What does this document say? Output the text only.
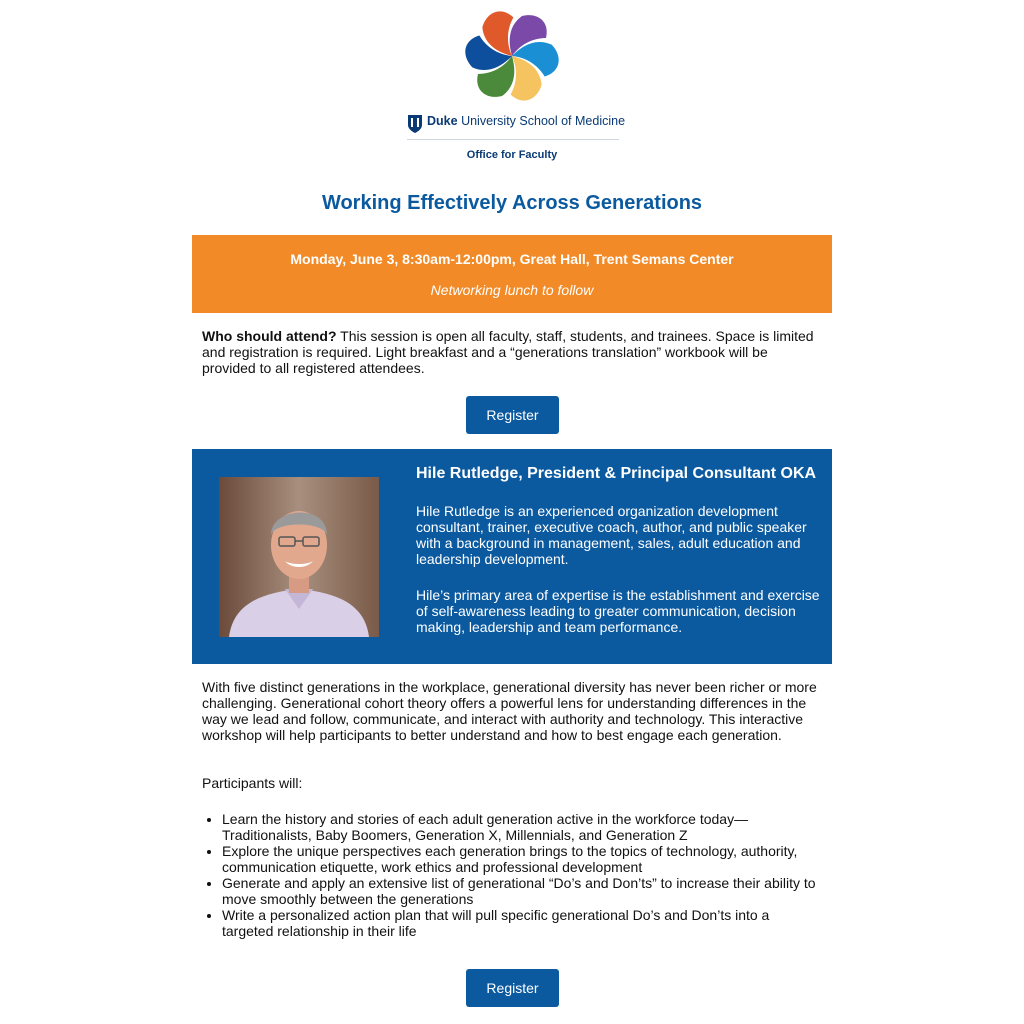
Duke University School of Medicine
Office for Faculty
Working Effectively Across Generations
Monday, June 3, 8:30am-12:00pm, Great Hall, Trent Semans Center
Networking lunch to follow
Who should attend? This session is open all faculty, staff, students, and trainees. Space is limited and registration is required. Light breakfast and a “generations translation” workbook will be provided to all registered attendees.
Register
Hile Rutledge, President & Principal Consultant OKA
Hile Rutledge is an experienced organization development consultant, trainer, executive coach, author, and public speaker with a background in management, sales, adult education and leadership development.
Hile’s primary area of expertise is the establishment and exercise of self-awareness leading to greater communication, decision making, leadership and team performance.
With five distinct generations in the workplace, generational diversity has never been richer or more challenging. Generational cohort theory offers a powerful lens for understanding differences in the way we lead and follow, communicate, and interact with authority and technology. This interactive workshop will help participants to better understand and how to best engage each generation.
Participants will:
• Learn the history and stories of each adult generation active in the workforce today—Traditionalists, Baby Boomers, Generation X, Millennials, and Generation Z
• Explore the unique perspectives each generation brings to the topics of technology, authority, communication etiquette, work ethics and professional development
• Generate and apply an extensive list of generational “Do’s and Don’ts” to increase their ability to move smoothly between the generations
• Write a personalized action plan that will pull specific generational Do’s and Don’ts into a targeted relationship in their life
Register
